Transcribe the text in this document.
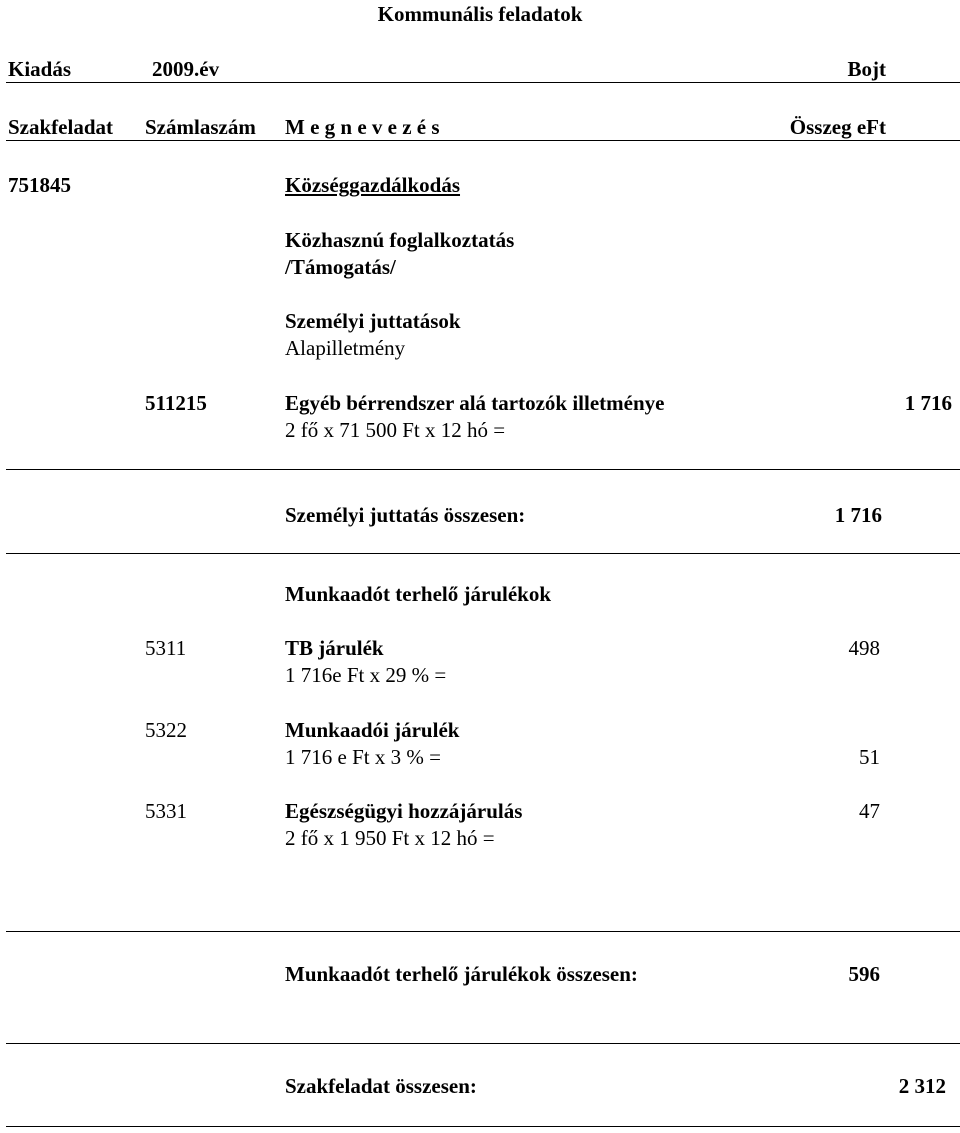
Kommunális feladatok
Kiadás	2009.év	Bojt
Szakfeladat Számlaszám M e g n e v e z é s	Összeg eFt
751845	Községgazdálkodás
Közhasznú foglalkoztatás
/Támogatás/
Személyi juttatások
Alapilletmény
511215	Egyéb bérrendszer alá tartozók illetménye	1 716
2 fő x 71 500 Ft x 12 hó =
Személyi juttatás összesen:	1 716
Munkaadót terhelő járulékok
5311	TB járulék	498
1 716e Ft x 29 % =
5322	Munkaadói járulék
1 716 e Ft x 3 % =	51
5331	Egészségügyi hozzájárulás	47
2 fő x 1 950 Ft x 12 hó =
Munkaadót terhelő járulékok összesen:	596
Szakfeladat összesen:	2 312
